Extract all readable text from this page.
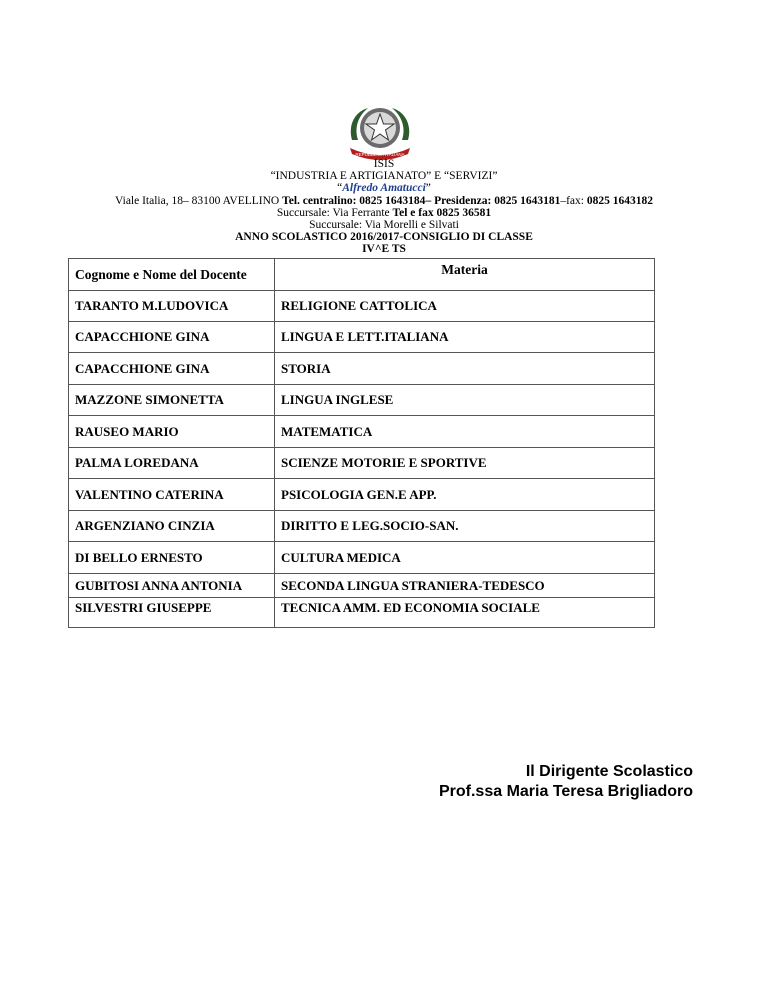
REPUBBLICA ITALIANA
ISIS
“INDUSTRIA E ARTIGIANATO” E “SERVIZI”
“Alfredo Amatucci”
Viale Italia, 18– 83100 AVELLINO Tel. centralino: 0825 1643184– Presidenza: 0825 1643181–fax: 0825 1643182
Succursale: Via Ferrante Tel e fax 0825 36581
Succursale: Via Morelli e Silvati
ANNO SCOLASTICO 2016/2017-CONSIGLIO DI CLASSE
IV^E TS
Cognome e Nome del Docente	Materia
TARANTO M.LUDOVICA	RELIGIONE CATTOLICA
CAPACCHIONE GINA	LINGUA E LETT.ITALIANA
CAPACCHIONE GINA	STORIA
MAZZONE SIMONETTA	LINGUA INGLESE
RAUSEO MARIO	MATEMATICA
PALMA LOREDANA	SCIENZE MOTORIE E SPORTIVE
VALENTINO CATERINA	PSICOLOGIA GEN.E APP.
ARGENZIANO CINZIA	DIRITTO E LEG.SOCIO-SAN.
DI BELLO ERNESTO	CULTURA MEDICA
GUBITOSI ANNA ANTONIA	SECONDA LINGUA STRANIERA-TEDESCO
SILVESTRI GIUSEPPE	TECNICA AMM. ED ECONOMIA SOCIALE
Il Dirigente Scolastico
Prof.ssa Maria Teresa Brigliadoro
